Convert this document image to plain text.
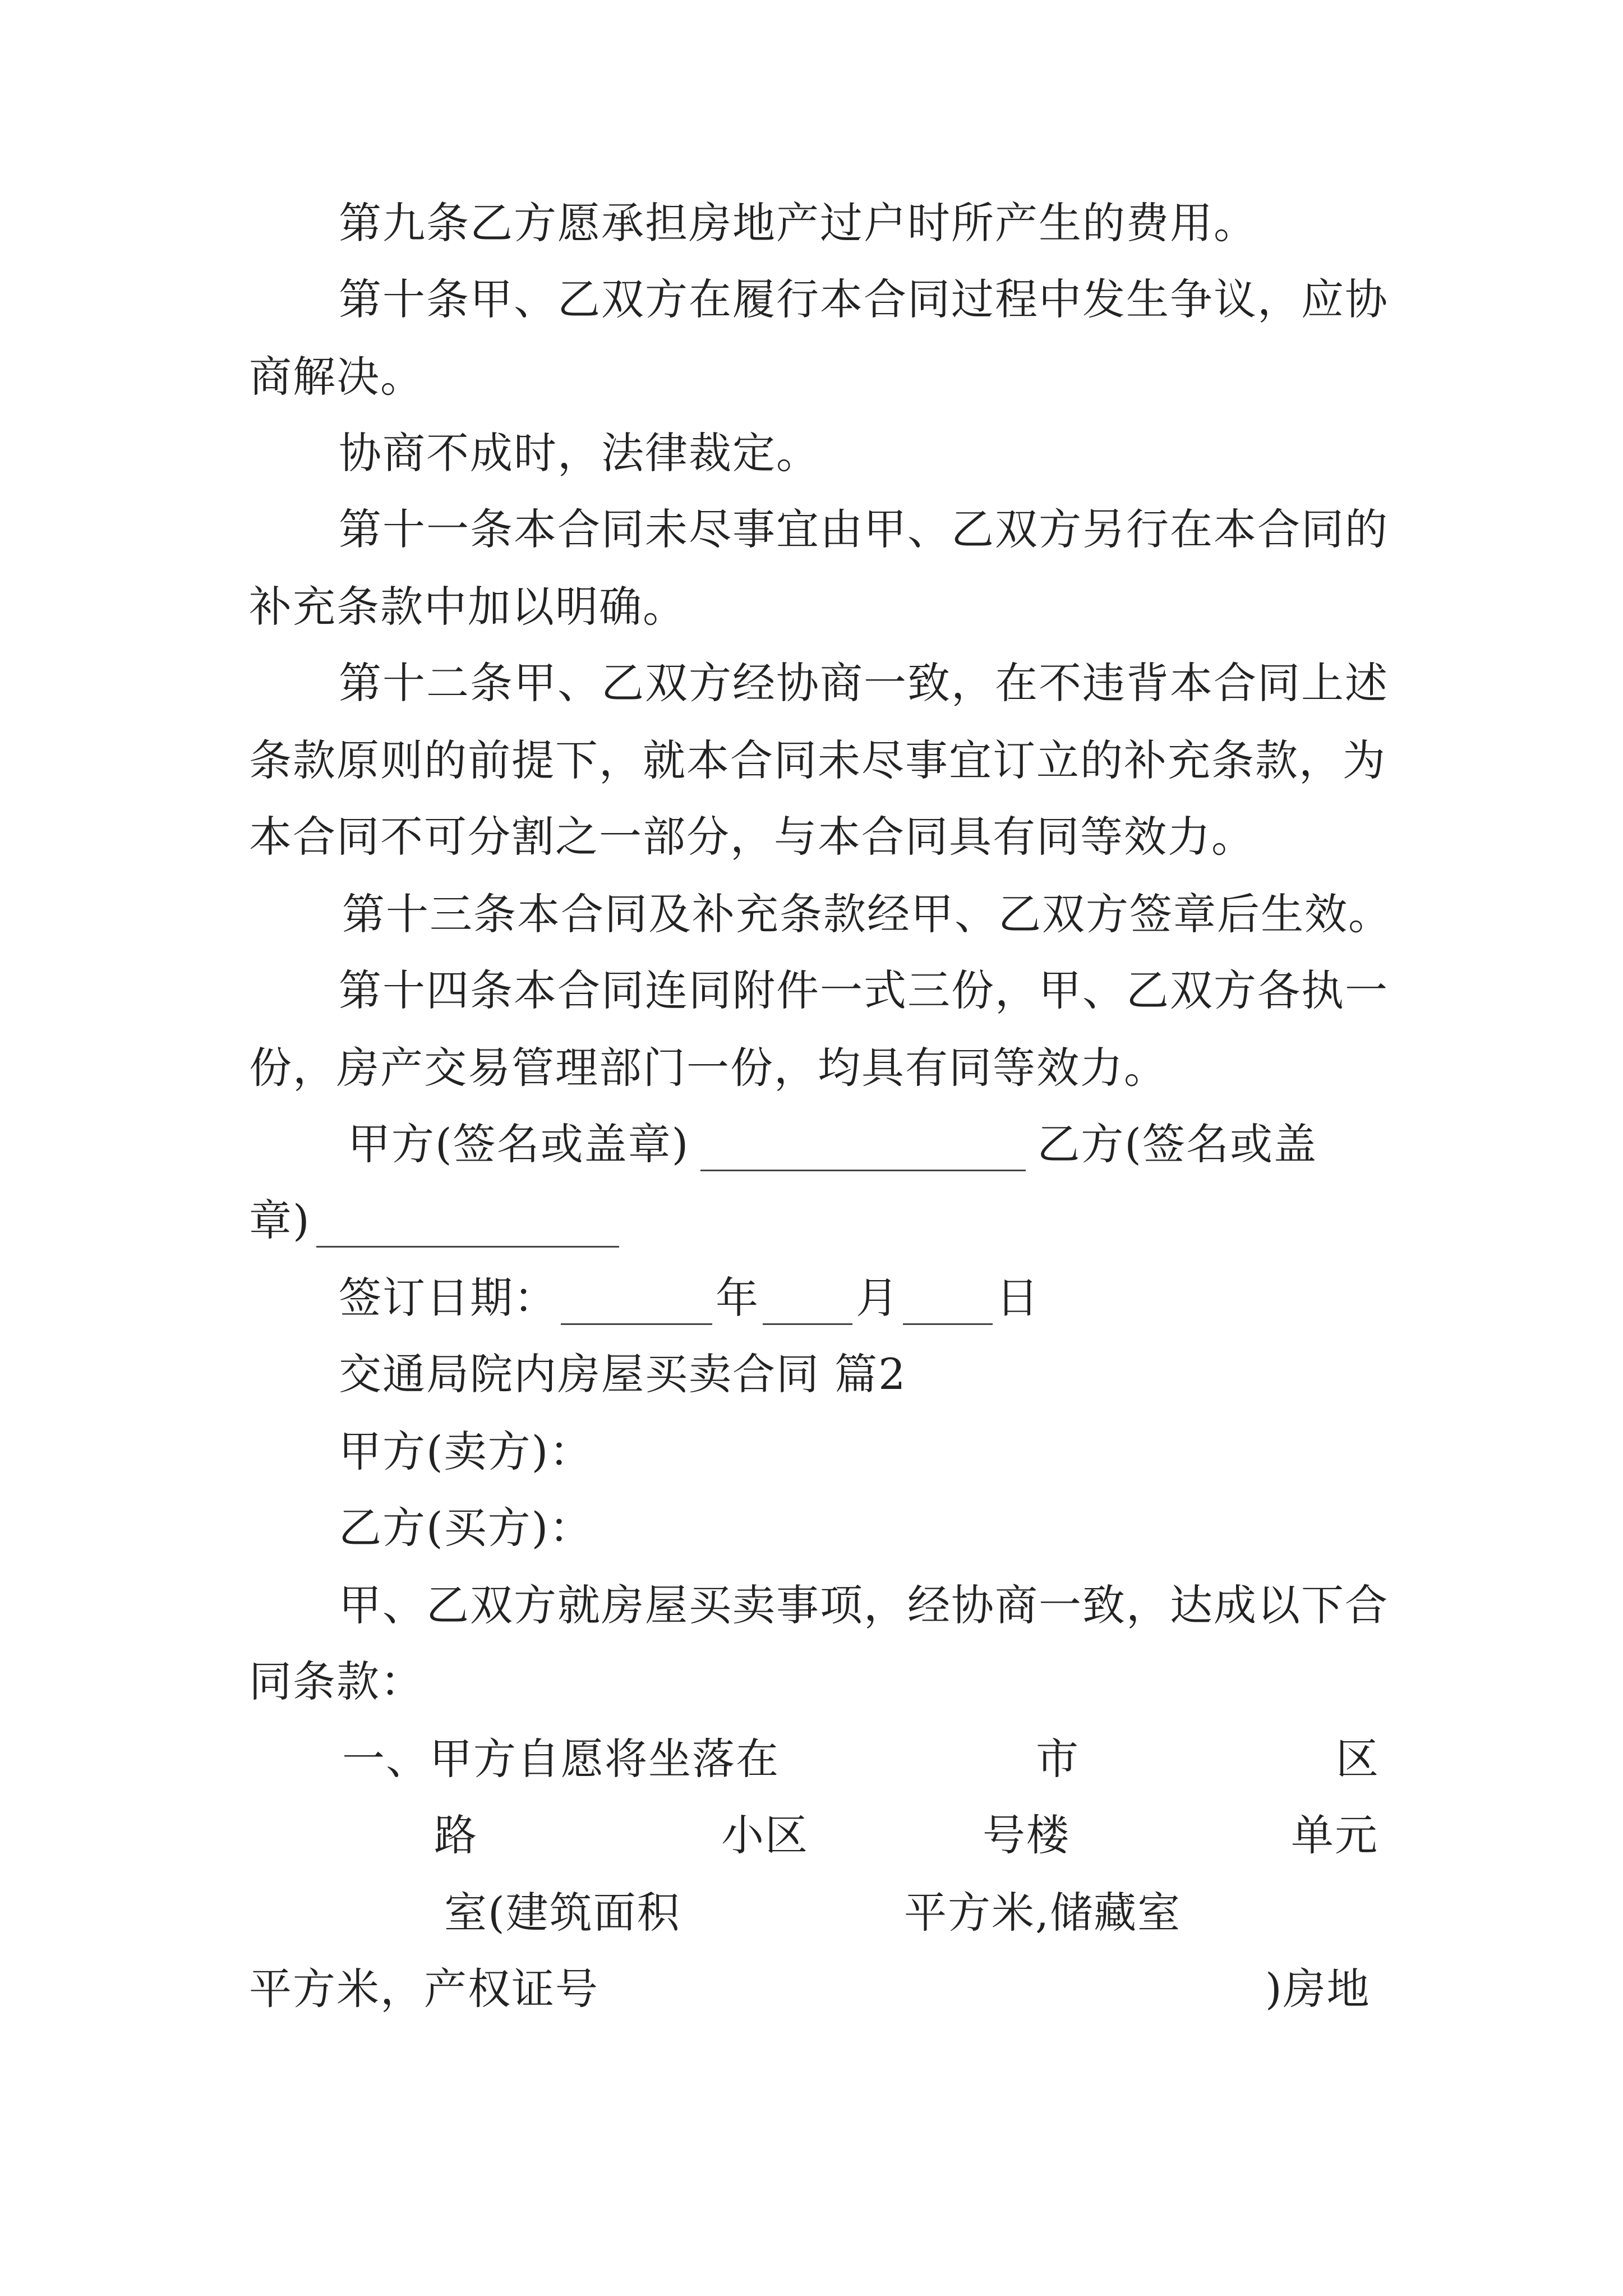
第九条乙方愿承担房地产过户时所产生的费用。
第十条甲、乙双方在履行本合同过程中发生争议，应协
商解决。
协商不成时，法律裁定。
第十一条本合同未尽事宜由甲、乙双方另行在本合同的
补充条款中加以明确。
第十二条甲、乙双方经协商一致，在不违背本合同上述
条款原则的前提下，就本合同未尽事宜订立的补充条款，为
本合同不可分割之一部分，与本合同具有同等效力。
第十三条本合同及补充条款经甲、乙双方签章后生效。
第十四条本合同连同附件一式三份，甲、乙双方各执一
份，房产交易管理部门一份，均具有同等效力。
甲方(签名或盖章)	乙方(签名或盖
章)
签订日期：	年 月 日
交通局院内房屋买卖合同 篇2
甲方(卖方)：
乙方(买方)：
甲、乙双方就房屋买卖事项，经协商一致，达成以下合
同条款：
一、甲方自愿将坐落在	市	区
路	小区	号楼	单元
室(建筑面积	平方米,储藏室
平方米，产权证号	)房地
